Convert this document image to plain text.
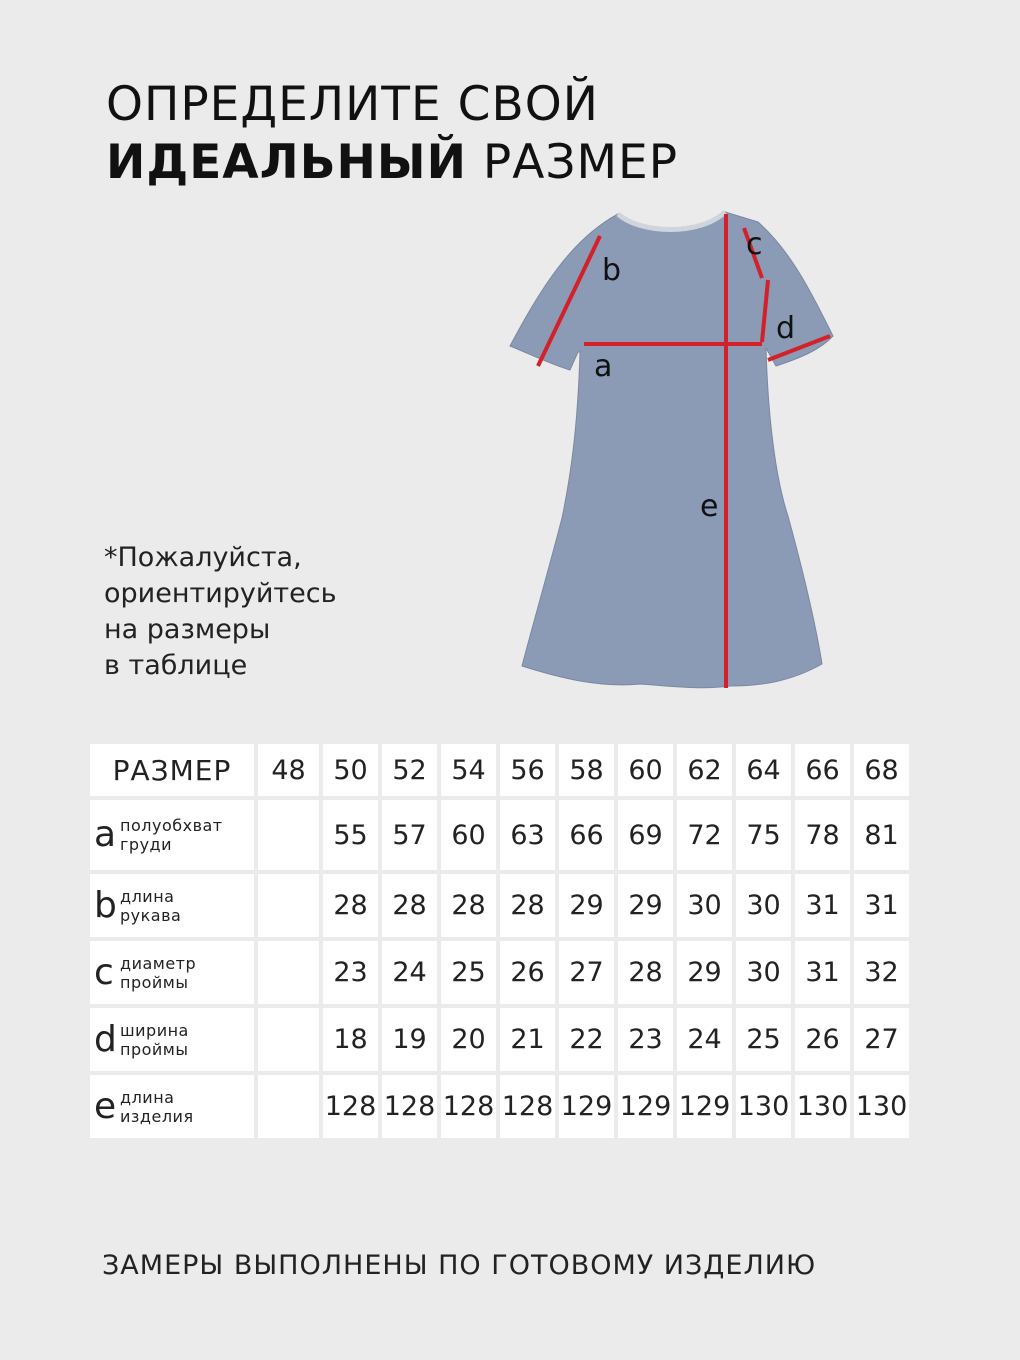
ОПРЕДЕЛИТЕ СВОЙ
ИДЕАЛЬНЫЙ РАЗМЕР
a
b
c
d
e
*Пожалуйста,
ориентируйтесь
на размеры
в таблице
РАЗМЕР	48	50	52	54	56	58	60	62	64	66	68

a полуобхват
груди		55	57	60	63	66	69	72	75	78	81

b длина
рукава		28	28	28	28	29	29	30	30	31	31

c диаметр
проймы		23	24	25	26	27	28	29	30	31	32

d ширина
проймы		18	19	20	21	22	23	24	25	26	27

e длина
изделия		128	128	128	128	129	129	129	130	130	130
ЗАМЕРЫ ВЫПОЛНЕНЫ ПО ГОТОВОМУ ИЗДЕЛИЮ
